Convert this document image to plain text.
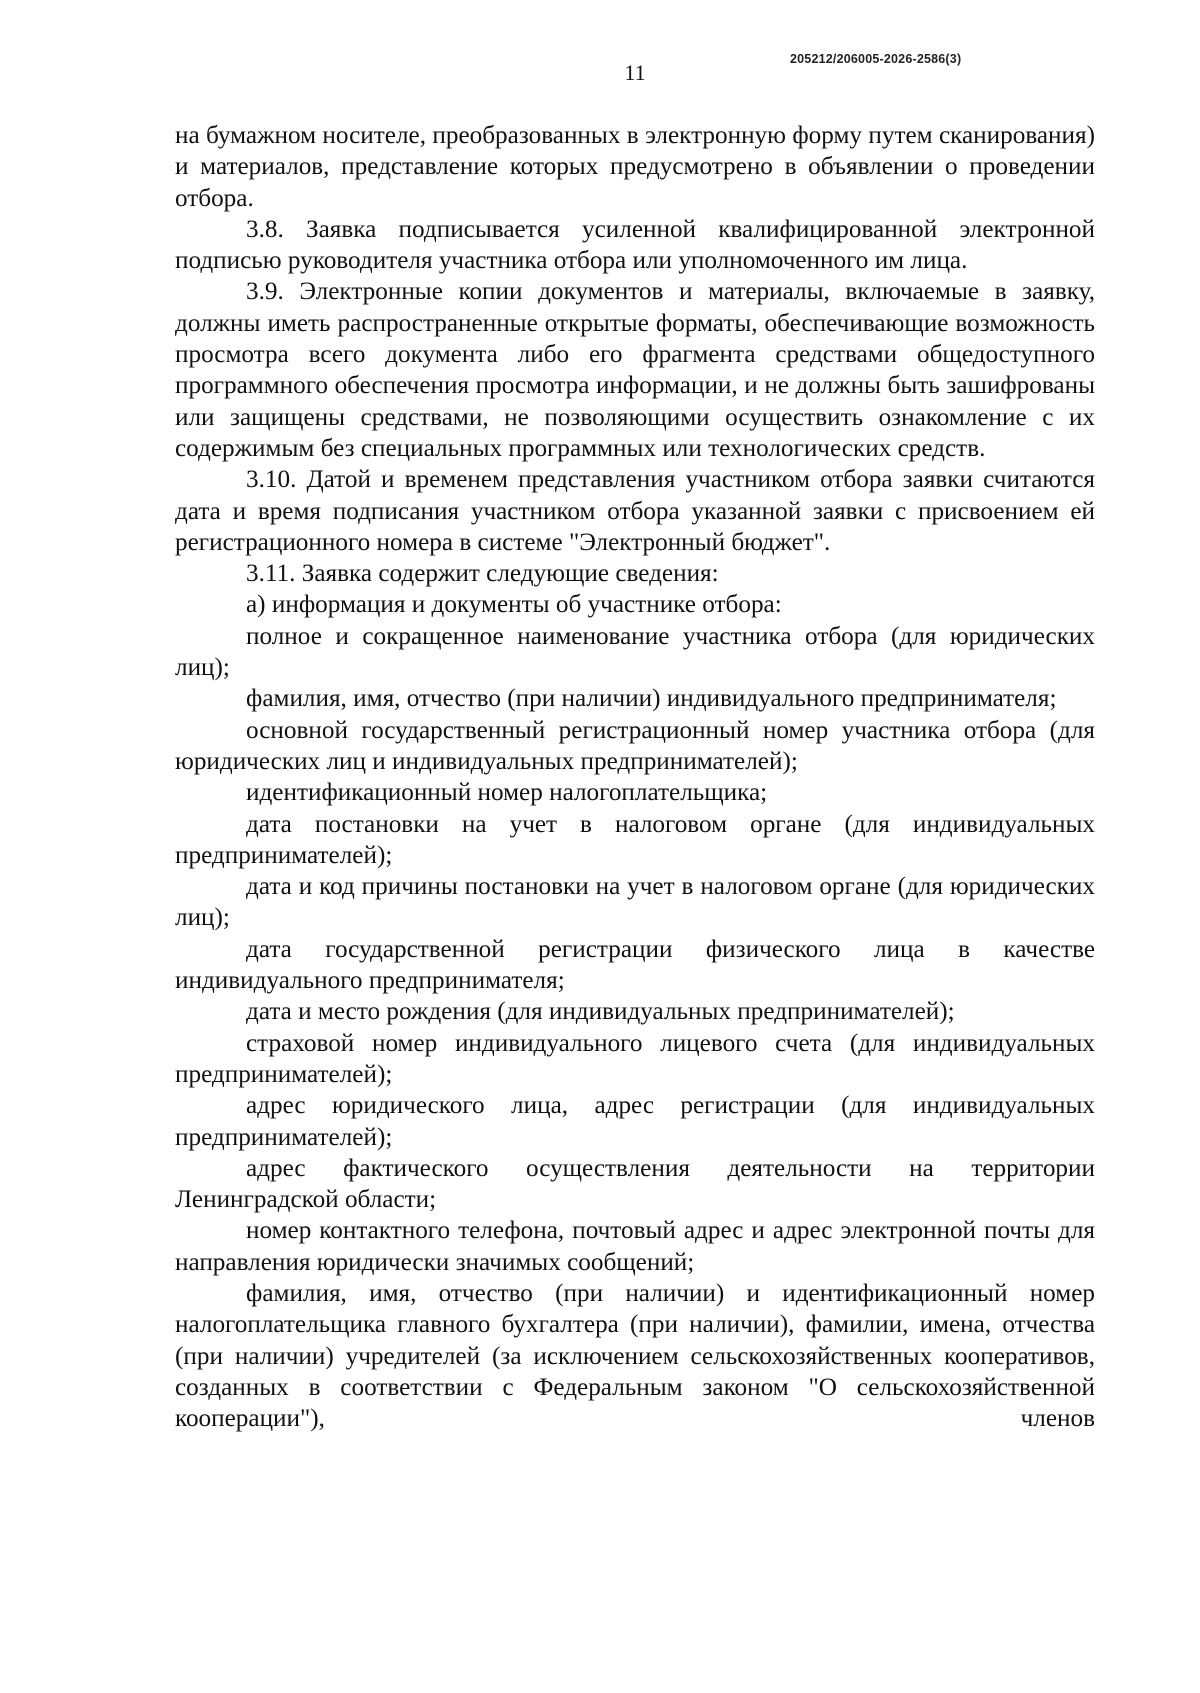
205212/206005-2026-2586(3)
11

на бумажном носителе, преобразованных в электронную форму путем сканирования) и материалов, представление которых предусмотрено в объявлении о проведении отбора.

3.8. Заявка подписывается усиленной квалифицированной электронной подписью руководителя участника отбора или уполномоченного им лица.

3.9. Электронные копии документов и материалы, включаемые в заявку, должны иметь распространенные открытые форматы, обеспечивающие возможность просмотра всего документа либо его фрагмента средствами общедоступного программного обеспечения просмотра информации, и не должны быть зашифрованы или защищены средствами, не позволяющими осуществить ознакомление с их содержимым без специальных программных или технологических средств.

3.10. Датой и временем представления участником отбора заявки считаются дата и время подписания участником отбора указанной заявки с присвоением ей регистрационного номера в системе "Электронный бюджет".

3.11. Заявка содержит следующие сведения:

а) информация и документы об участнике отбора:

полное и сокращенное наименование участника отбора (для юридических лиц);

фамилия, имя, отчество (при наличии) индивидуального предпринимателя;

основной государственный регистрационный номер участника отбора (для юридических лиц и индивидуальных предпринимателей);

идентификационный номер налогоплательщика;

дата постановки на учет в налоговом органе (для индивидуальных предпринимателей);

дата и код причины постановки на учет в налоговом органе (для юридических лиц);

дата государственной регистрации физического лица в качестве индивидуального предпринимателя;

дата и место рождения (для индивидуальных предпринимателей);

страховой номер индивидуального лицевого счета (для индивидуальных предпринимателей);

адрес юридического лица, адрес регистрации (для индивидуальных предпринимателей);

адрес фактического осуществления деятельности на территории Ленинградской области;

номер контактного телефона, почтовый адрес и адрес электронной почты для направления юридически значимых сообщений;

фамилия, имя, отчество (при наличии) и идентификационный номер налогоплательщика главного бухгалтера (при наличии), фамилии, имена, отчества (при наличии) учредителей (за исключением сельскохозяйственных кооперативов, созданных в соответствии с Федеральным законом "О сельскохозяйственной кооперации"), членов
